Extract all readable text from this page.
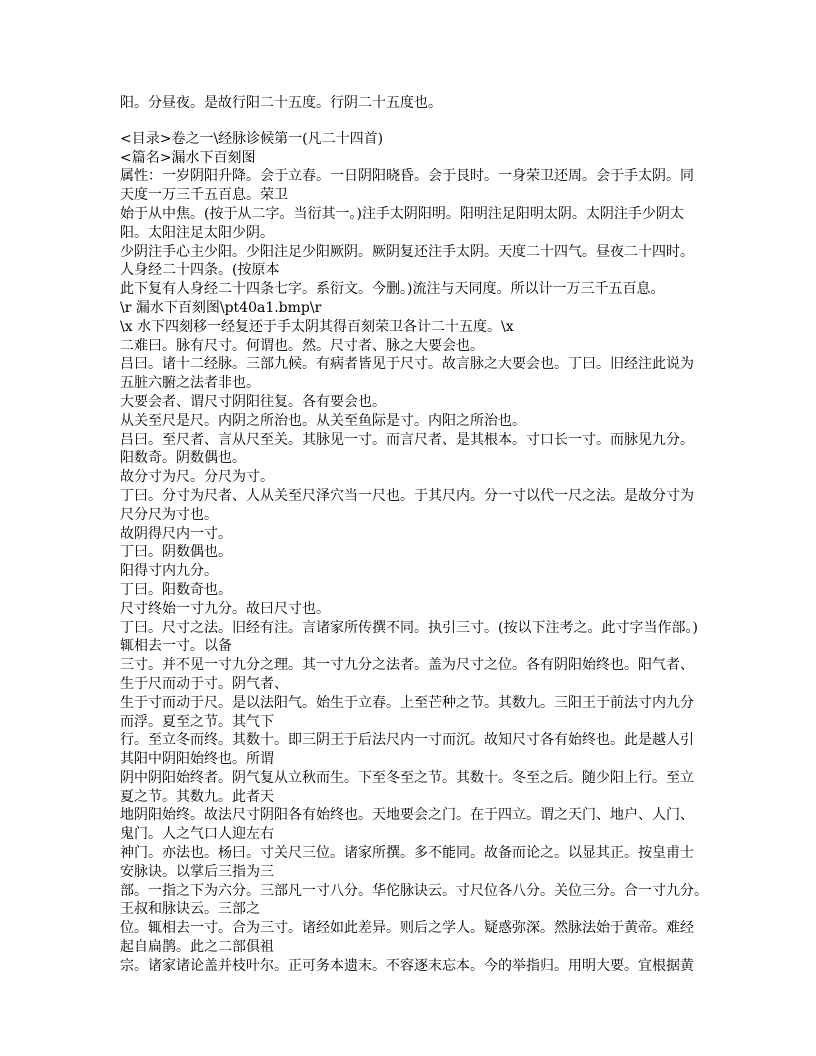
阳。分昼夜。是故行阳二十五度。行阴二十五度也。
<目录>卷之一\经脉诊候第一(凡二十四首)
<篇名>漏水下百刻图
属性：一岁阴阳升降。会于立春。一日阴阳晓昏。会于艮时。一身荣卫还周。会于手太阴。同
天度一万三千五百息。荣卫
始于从中焦。(按于从二字。当衍其一。)注手太阴阳明。阳明注足阳明太阴。太阴注手少阴太
阳。太阳注足太阳少阴。
少阴注手心主少阳。少阳注足少阳厥阴。厥阴复还注手太阴。天度二十四气。昼夜二十四时。
人身经二十四条。(按原本
此下复有人身经二十四条七字。系衍文。今删。)流注与天同度。所以计一万三千五百息。
\r 漏水下百刻图\pt40a1.bmp\r
\x 水下四刻移一经复还于手太阴其得百刻荣卫各计二十五度。\x
二难曰。脉有尺寸。何谓也。然。尺寸者、脉之大要会也。
吕曰。诸十二经脉。三部九候。有病者皆见于尺寸。故言脉之大要会也。丁曰。旧经注此说为
五脏六腑之法者非也。
大要会者、谓尺寸阴阳往复。各有要会也。
从关至尺是尺。内阴之所治也。从关至鱼际是寸。内阳之所治也。
吕曰。至尺者、言从尺至关。其脉见一寸。而言尺者、是其根本。寸口长一寸。而脉见九分。
阳数奇。阴数偶也。
故分寸为尺。分尺为寸。
丁曰。分寸为尺者、人从关至尺泽穴当一尺也。于其尺内。分一寸以代一尺之法。是故分寸为
尺分尺为寸也。
故阴得尺内一寸。
丁曰。阴数偶也。
阳得寸内九分。
丁曰。阳数奇也。
尺寸终始一寸九分。故曰尺寸也。
丁曰。尺寸之法。旧经有注。言诸家所传撰不同。执引三寸。(按以下注考之。此寸字当作部。)
辄相去一寸。以备
三寸。并不见一寸九分之理。其一寸九分之法者。盖为尺寸之位。各有阴阳始终也。阳气者、
生于尺而动于寸。阴气者、
生于寸而动于尺。是以法阳气。始生于立春。上至芒种之节。其数九。三阳王于前法寸内九分
而浮。夏至之节。其气下
行。至立冬而终。其数十。即三阴王于后法尺内一寸而沉。故知尺寸各有始终也。此是越人引
其阳中阴阳始终也。所谓
阴中阴阳始终者。阴气复从立秋而生。下至冬至之节。其数十。冬至之后。随少阳上行。至立
夏之节。其数九。此者天
地阴阳始终。故法尺寸阴阳各有始终也。天地要会之门。在于四立。谓之天门、地户、人门、
鬼门。人之气口人迎左右
神门。亦法也。杨曰。寸关尺三位。诸家所撰。多不能同。故备而论之。以显其正。按皇甫士
安脉诀。以掌后三指为三
部。一指之下为六分。三部凡一寸八分。华佗脉诀云。寸尺位各八分。关位三分。合一寸九分。
王叔和脉诀云。三部之
位。辄相去一寸。合为三寸。诸经如此差异。则后之学人。疑惑弥深。然脉法始于黄帝。难经
起自扁鹊。此之二部俱祖
宗。诸家诸论盖并枝叶尔。正可务本遗末。不容逐末忘本。今的举指归。用明大要。宜根据黄
